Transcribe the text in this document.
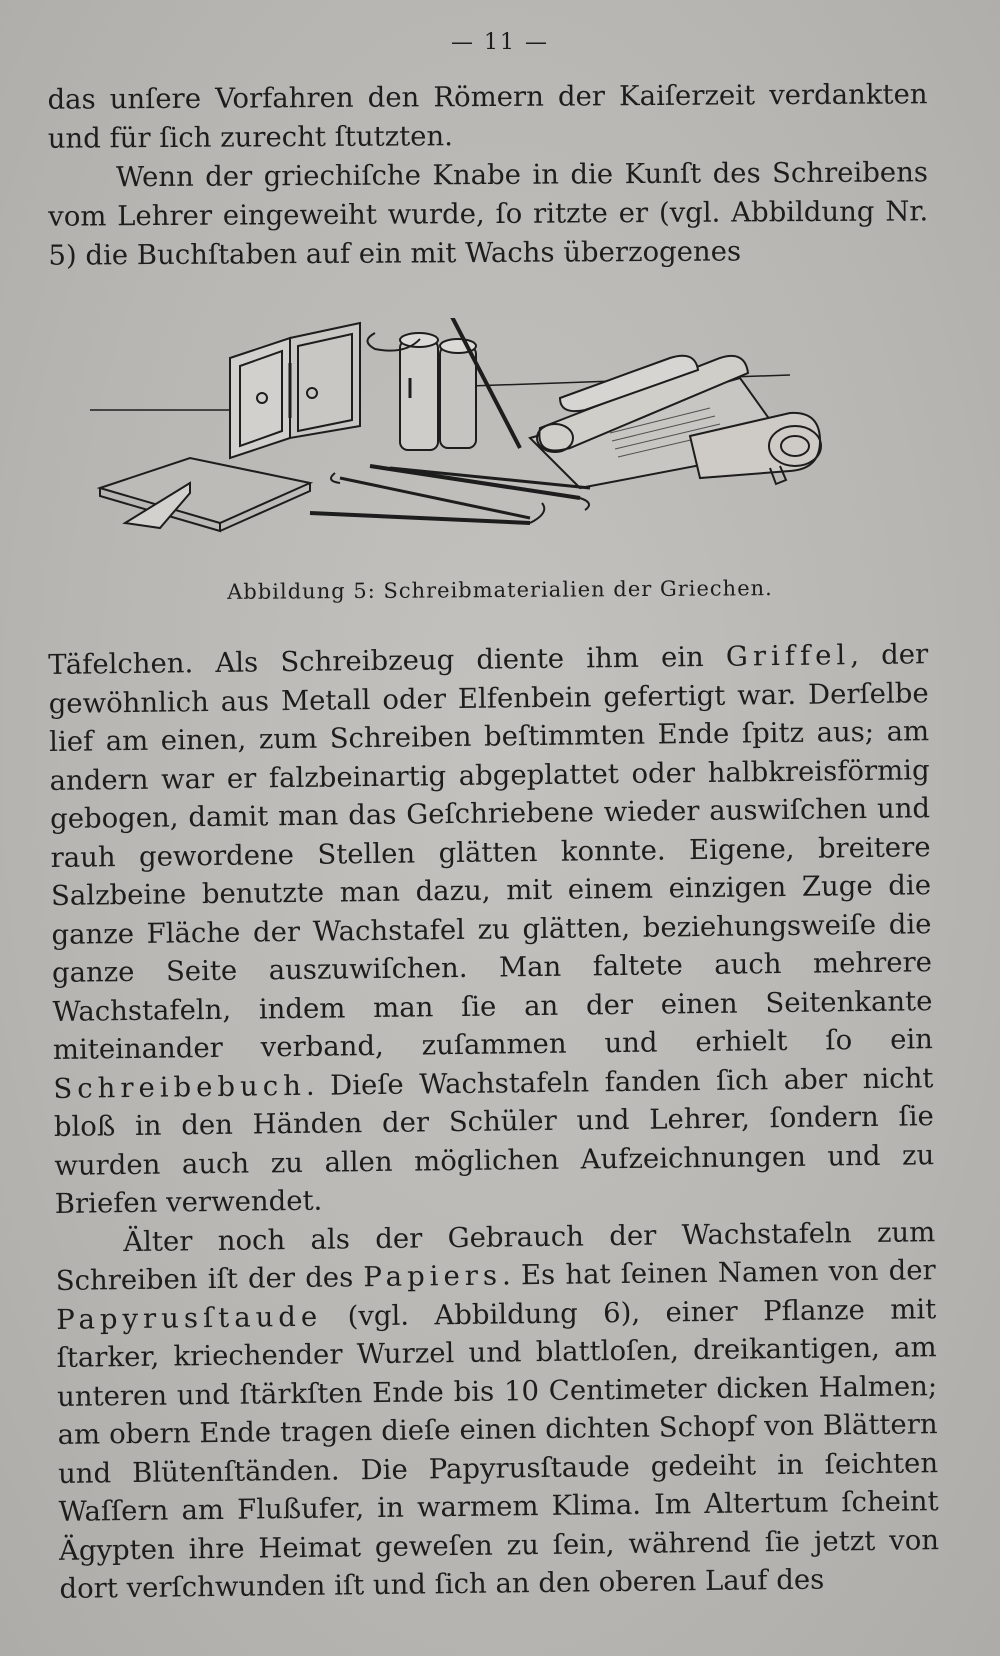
— 11 —

das unſere Vorfahren den Römern der Kaiſerzeit verdankten und für ſich zurecht ſtutzten.

Wenn der griechiſche Knabe in die Kunſt des Schreibens vom Lehrer eingeweiht wurde, ſo ritzte er (vgl. Abbildung Nr. 5) die Buchſtaben auf ein mit Wachs überzogenes

Abbildung 5: Schreibmaterialien der Griechen.

Täfelchen. Als Schreibzeug diente ihm ein Griffel, der gewöhnlich aus Metall oder Elfenbein gefertigt war. Derſelbe lief am einen, zum Schreiben beſtimmten Ende ſpitz aus; am andern war er falzbeinartig abgeplattet oder halbkreisförmig gebogen, damit man das Geſchriebene wieder auswiſchen und rauh gewordene Stellen glätten konnte. Eigene, breitere Salzbeine benutzte man dazu, mit einem einzigen Zuge die ganze Fläche der Wachstafel zu glätten, beziehungsweiſe die ganze Seite auszuwiſchen. Man faltete auch mehrere Wachstafeln, indem man ſie an der einen Seitenkante miteinander verband, zuſammen und erhielt ſo ein Schreibebuch. Dieſe Wachstafeln fanden ſich aber nicht bloß in den Händen der Schüler und Lehrer, ſondern ſie wurden auch zu allen möglichen Aufzeichnungen und zu Briefen verwendet.

Älter noch als der Gebrauch der Wachstafeln zum Schreiben iſt der des Papiers. Es hat ſeinen Namen von der Papyrusſtaude (vgl. Abbildung 6), einer Pflanze mit ſtarker, kriechender Wurzel und blattloſen, dreikantigen, am unteren und ſtärkſten Ende bis 10 Centimeter dicken Halmen; am obern Ende tragen dieſe einen dichten Schopf von Blättern und Blütenſtänden. Die Papyrusſtaude gedeiht in ſeichten Waſſern am Flußufer, in warmem Klima. Im Altertum ſcheint Ägypten ihre Heimat geweſen zu ſein, während ſie jetzt von dort verſchwunden iſt und ſich an den oberen Lauf des
